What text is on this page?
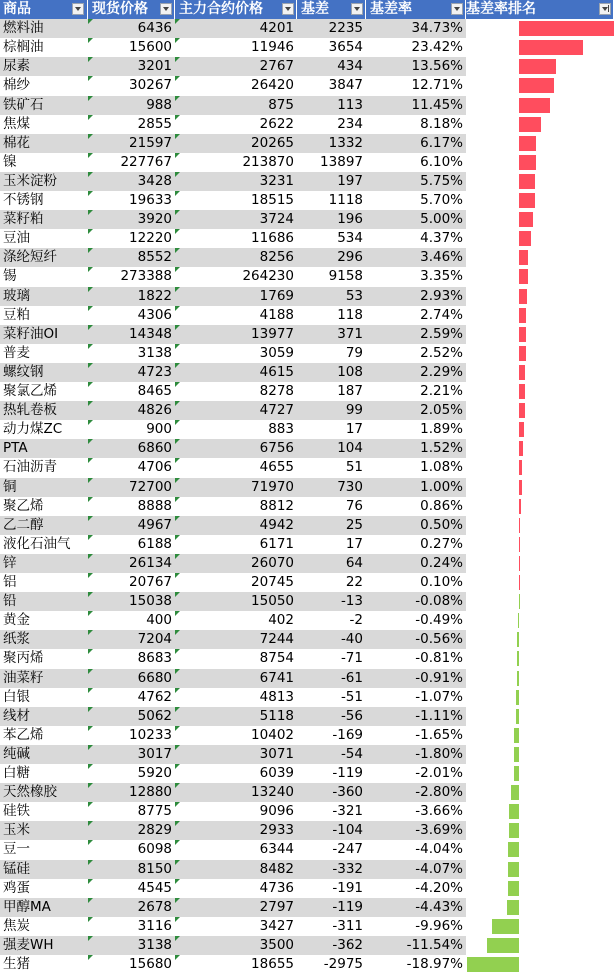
商品	现货价格	主力合约价格	基差	基差率	基差率排名
燃料油	6436	4201	2235	34.73%
棕榈油	15600	11946	3654	23.42%
尿素	3201	2767	434	13.56%
棉纱	30267	26420	3847	12.71%
铁矿石	988	875	113	11.45%
焦煤	2855	2622	234	8.18%
棉花	21597	20265	1332	6.17%
镍	227767	213870	13897	6.10%
玉米淀粉	3428	3231	197	5.75%
不锈钢	19633	18515	1118	5.70%
菜籽粕	3920	3724	196	5.00%
豆油	12220	11686	534	4.37%
涤纶短纤	8552	8256	296	3.46%
锡	273388	264230	9158	3.35%
玻璃	1822	1769	53	2.93%
豆粕	4306	4188	118	2.74%
菜籽油OI	14348	13977	371	2.59%
普麦	3138	3059	79	2.52%
螺纹钢	4723	4615	108	2.29%
聚氯乙烯	8465	8278	187	2.21%
热轧卷板	4826	4727	99	2.05%
动力煤ZC	900	883	17	1.89%
PTA	6860	6756	104	1.52%
石油沥青	4706	4655	51	1.08%
铜	72700	71970	730	1.00%
聚乙烯	8888	8812	76	0.86%
乙二醇	4967	4942	25	0.50%
液化石油气	6188	6171	17	0.27%
锌	26134	26070	64	0.24%
铝	20767	20745	22	0.10%
铅	15038	15050	-13	-0.08%
黄金	400	402	-2	-0.49%
纸浆	7204	7244	-40	-0.56%
聚丙烯	8683	8754	-71	-0.81%
油菜籽	6680	6741	-61	-0.91%
白银	4762	4813	-51	-1.07%
线材	5062	5118	-56	-1.11%
苯乙烯	10233	10402	-169	-1.65%
纯碱	3017	3071	-54	-1.80%
白糖	5920	6039	-119	-2.01%
天然橡胶	12880	13240	-360	-2.80%
硅铁	8775	9096	-321	-3.66%
玉米	2829	2933	-104	-3.69%
豆一	6098	6344	-247	-4.04%
锰硅	8150	8482	-332	-4.07%
鸡蛋	4545	4736	-191	-4.20%
甲醇MA	2678	2797	-119	-4.43%
焦炭	3116	3427	-311	-9.96%
强麦WH	3138	3500	-362	-11.54%
生猪	15680	18655	-2975	-18.97%
